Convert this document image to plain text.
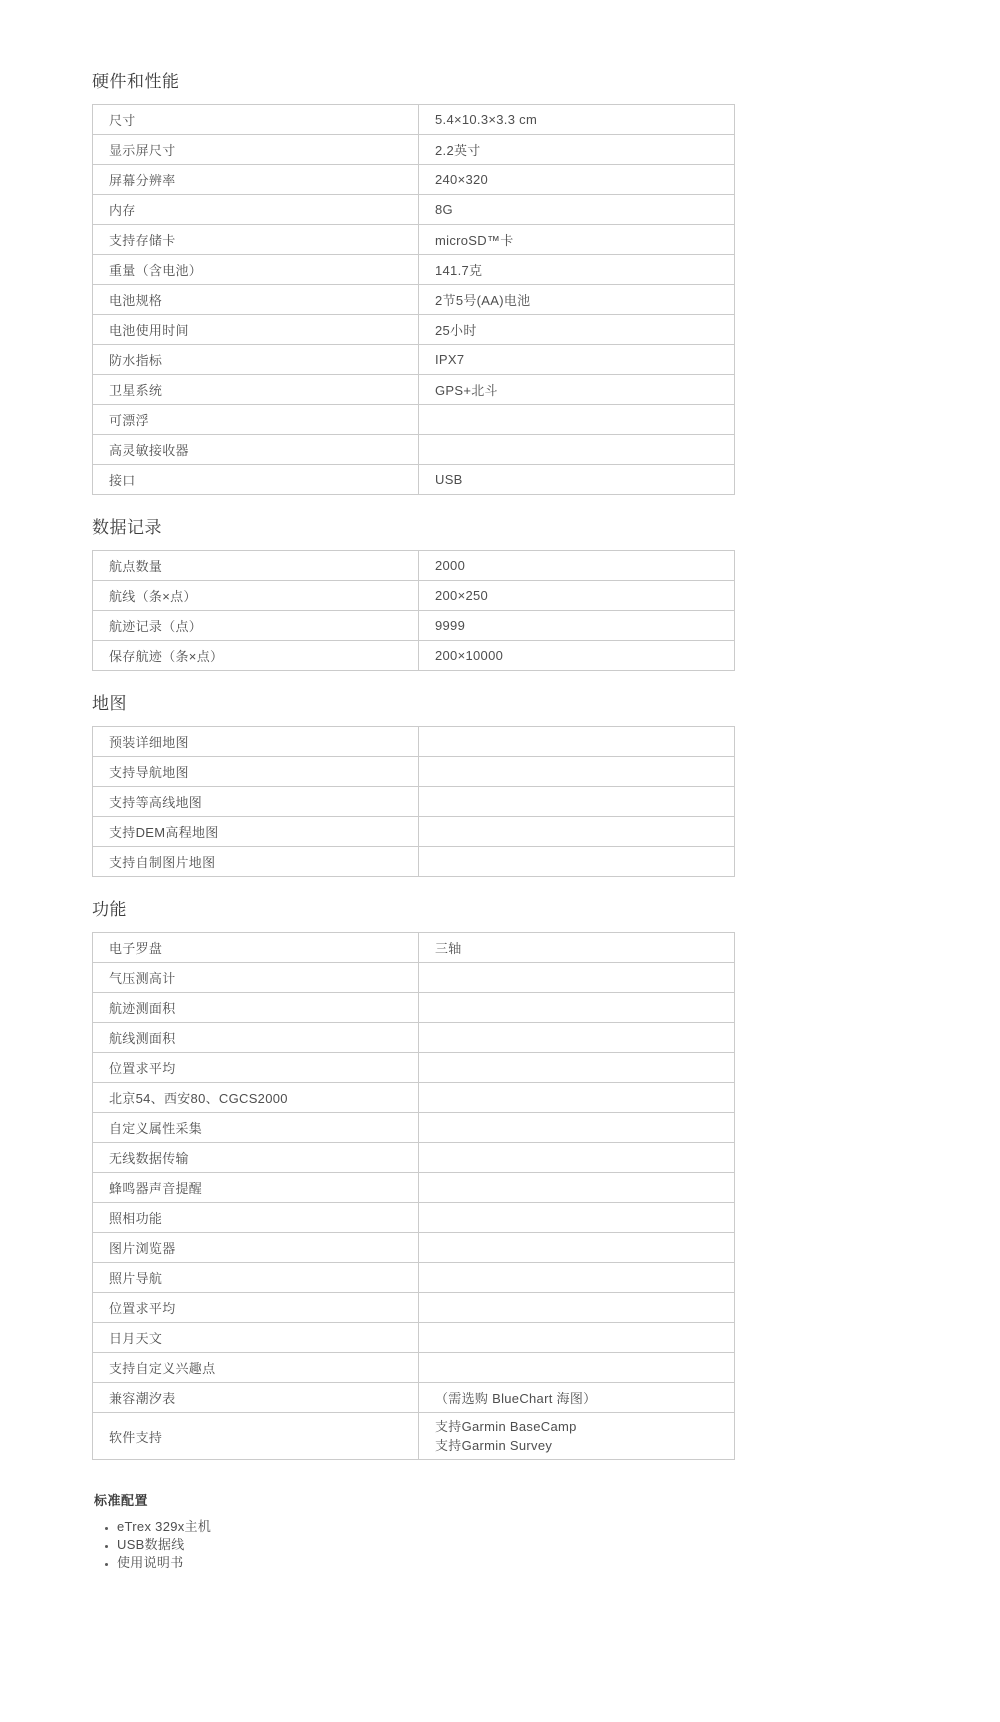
硬件和性能
尺寸	5.4×10.3×3.3 cm
显示屏尺寸	2.2英寸
屏幕分辨率	240×320
内存	8G
支持存储卡	microSD™卡
重量（含电池）	141.7克
电池规格	2节5号(AA)电池
电池使用时间	25小时
防水指标	IPX7
卫星系统	GPS+北斗
可漂浮	
高灵敏接收器	
接口	USB
数据记录
航点数量	2000
航线（条×点）	200×250
航迹记录（点）	9999
保存航迹（条×点）	200×10000
地图
预装详细地图	
支持导航地图	
支持等高线地图	
支持DEM高程地图	
支持自制图片地图	
功能
电子罗盘	三轴
气压测高计	
航迹测面积	
航线测面积	
位置求平均	
北京54、西安80、CGCS2000	
自定义属性采集	
无线数据传输	
蜂鸣器声音提醒	
照相功能	
图片浏览器	
照片导航	
位置求平均	
日月天文	
支持自定义兴趣点	
兼容潮汐表	（需选购 BlueChart 海图）
软件支持	支持Garmin BaseCamp
支持Garmin Survey
标准配置
• eTrex 329x主机
• USB数据线
• 使用说明书
